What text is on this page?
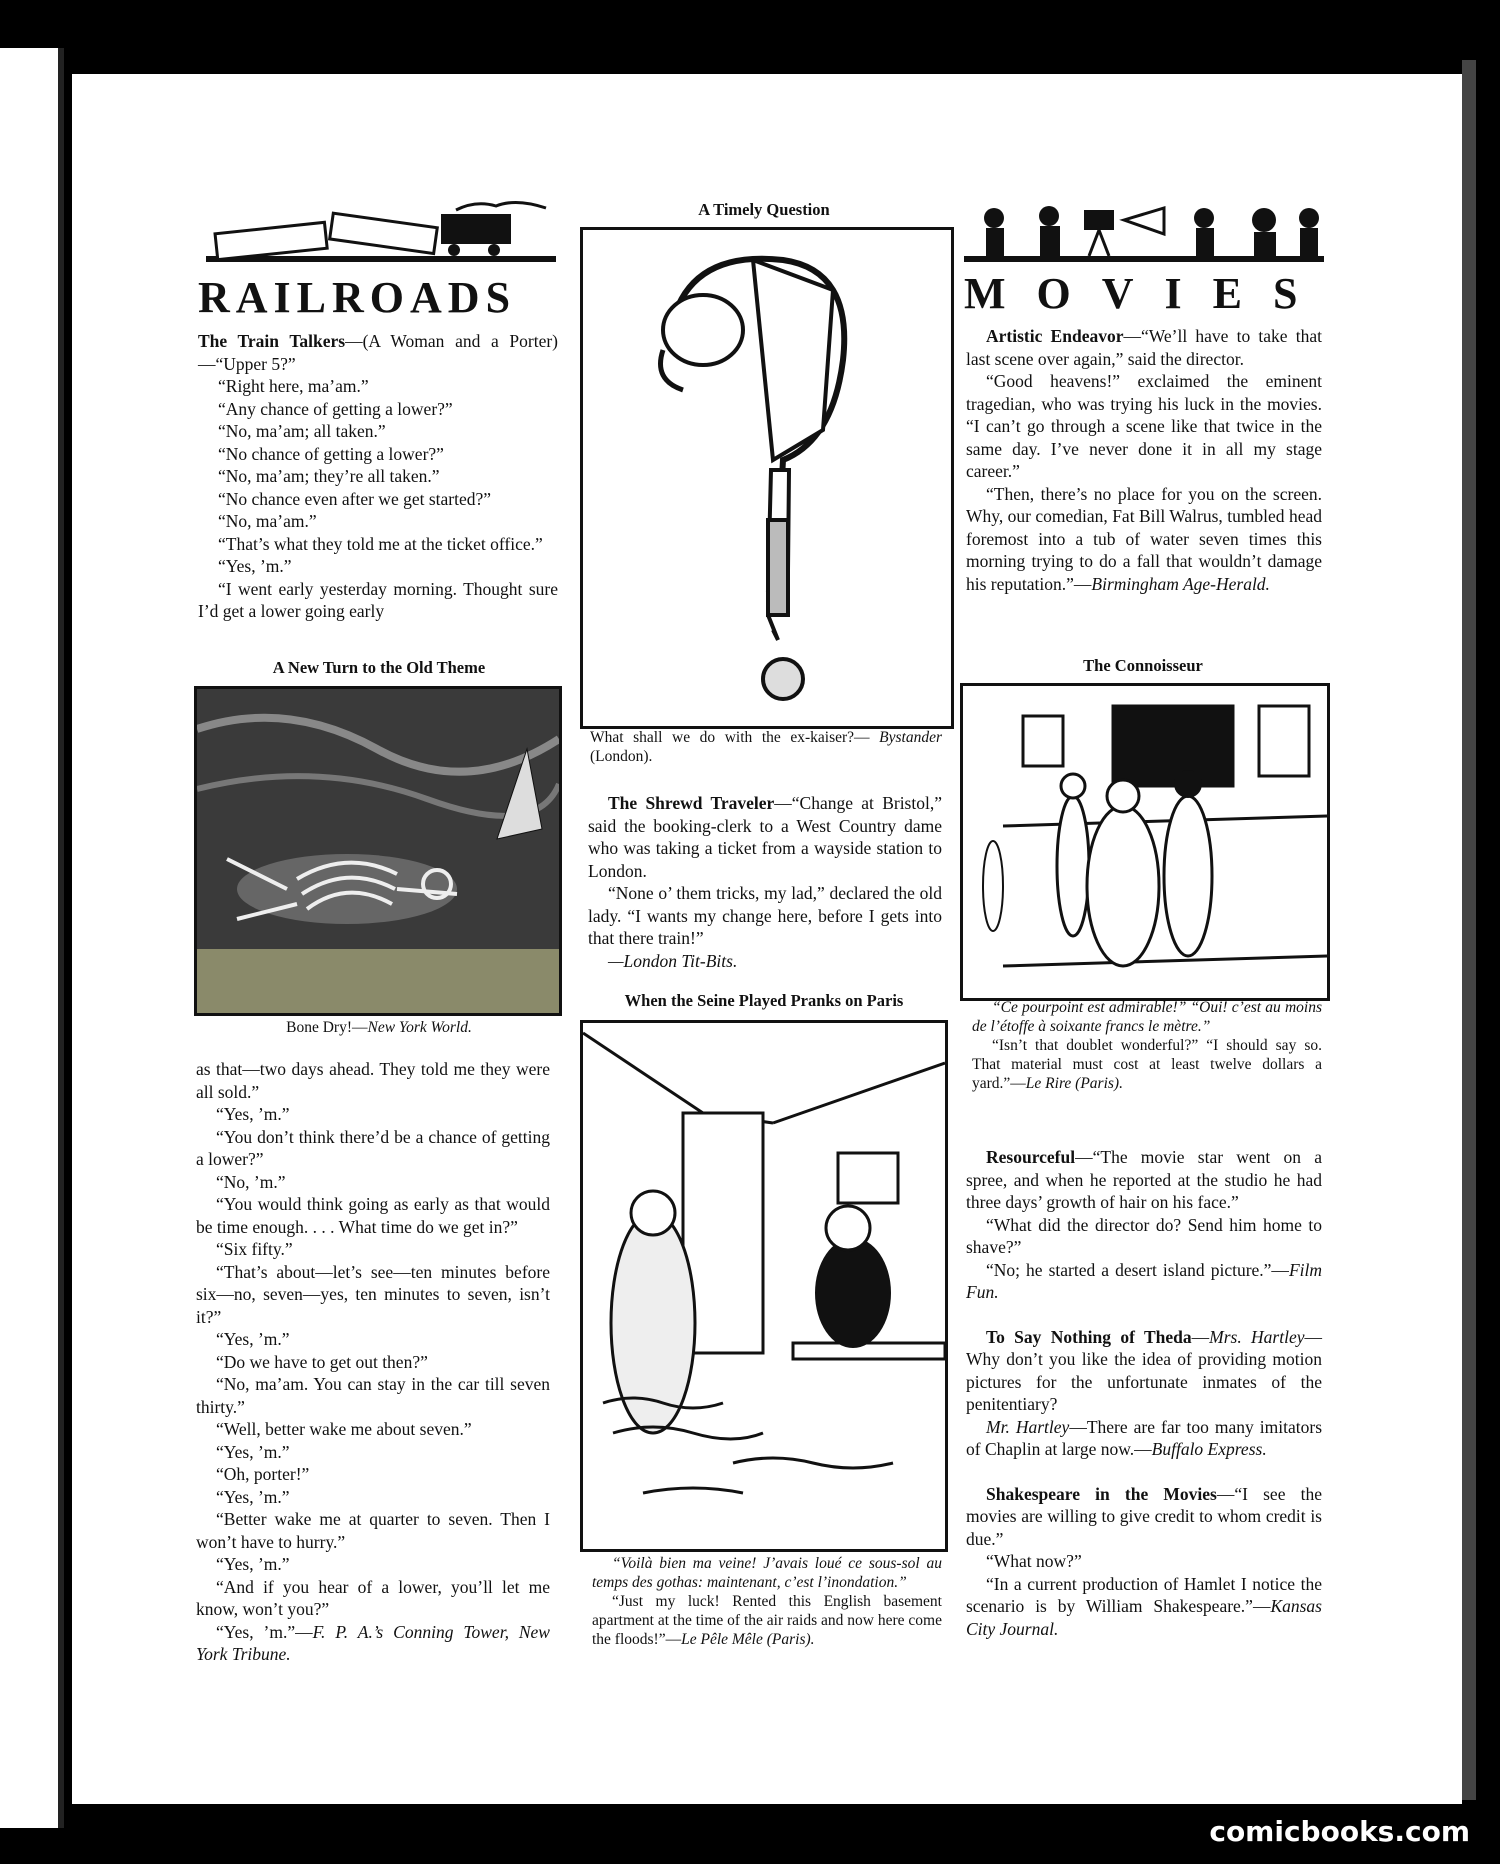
RAILROADS

The Train Talkers—(A Woman and a Porter)—“Upper 5?”

“Right here, ma’am.”

“Any chance of getting a lower?”

“No, ma’am; all taken.”

“No chance of getting a lower?”

“No, ma’am; they’re all taken.”

“No chance even after we get started?”

“No, ma’am.”

“That’s what they told me at the ticket office.”

“Yes, ’m.”

“I went early yesterday morning. Thought sure I’d get a lower going early

A New Turn to the Old Theme

Bone Dry!—New York World.

as that—two days ahead. They told me they were all sold.”

“Yes, ’m.”

“You don’t think there’d be a chance of getting a lower?”

“No, ’m.”

“You would think going as early as that would be time enough. . . . What time do we get in?”

“Six fifty.”

“That’s about—let’s see—ten minutes before six—no, seven—yes, ten minutes to seven, isn’t it?”

“Yes, ’m.”

“Do we have to get out then?”

“No, ma’am. You can stay in the car till seven thirty.”

“Well, better wake me about seven.”

“Yes, ’m.”

“Oh, porter!”

“Yes, ’m.”

“Better wake me at quarter to seven. Then I won’t have to hurry.”

“Yes, ’m.”

“And if you hear of a lower, you’ll let me know, won’t you?”

“Yes, ’m.”—F. P. A.’s Conning Tower, New York Tribune.

A Timely Question

What shall we do with the ex-kaiser?— Bystander (London).

The Shrewd Traveler—“Change at Bristol,” said the booking-clerk to a West Country dame who was taking a ticket from a wayside station to London.

“None o’ them tricks, my lad,” declared the old lady. “I wants my change here, before I gets into that there train!”

—London Tit-Bits.

When the Seine Played Pranks on Paris

“Voilà bien ma veine! J’avais loué ce sous-sol au temps des gothas: maintenant, c’est l’inondation.”

“Just my luck! Rented this English basement apartment at the time of the air raids and now here come the floods!”—Le Pêle Mêle (Paris).

MOVIES

Artistic Endeavor—“We’ll have to take that last scene over again,” said the director.

“Good heavens!” exclaimed the eminent tragedian, who was trying his luck in the movies. “I can’t go through a scene like that twice in the same day. I’ve never done it in all my stage career.”

“Then, there’s no place for you on the screen. Why, our comedian, Fat Bill Walrus, tumbled head foremost into a tub of water seven times this morning trying to do a fall that wouldn’t damage his reputation.”—Birmingham Age-Herald.

The Connoisseur

“Ce pourpoint est admirable!” “Oui! c’est au moins de l’étoffe à soixante francs le mètre.”

“Isn’t that doublet wonderful?” “I should say so. That material must cost at least twelve dollars a yard.”—Le Rire (Paris).

Resourceful—“The movie star went on a spree, and when he reported at the studio he had three days’ growth of hair on his face.”

“What did the director do? Send him home to shave?”

“No; he started a desert island picture.”—Film Fun.

To Say Nothing of Theda—Mrs. Hartley—Why don’t you like the idea of providing motion pictures for the unfortunate inmates of the penitentiary?

Mr. Hartley—There are far too many imitators of Chaplin at large now.—Buffalo Express.

Shakespeare in the Movies—“I see the movies are willing to give credit to whom credit is due.”

“What now?”

“In a current production of Hamlet I notice the scenario is by William Shakespeare.”—Kansas City Journal.

comicbooks.com
